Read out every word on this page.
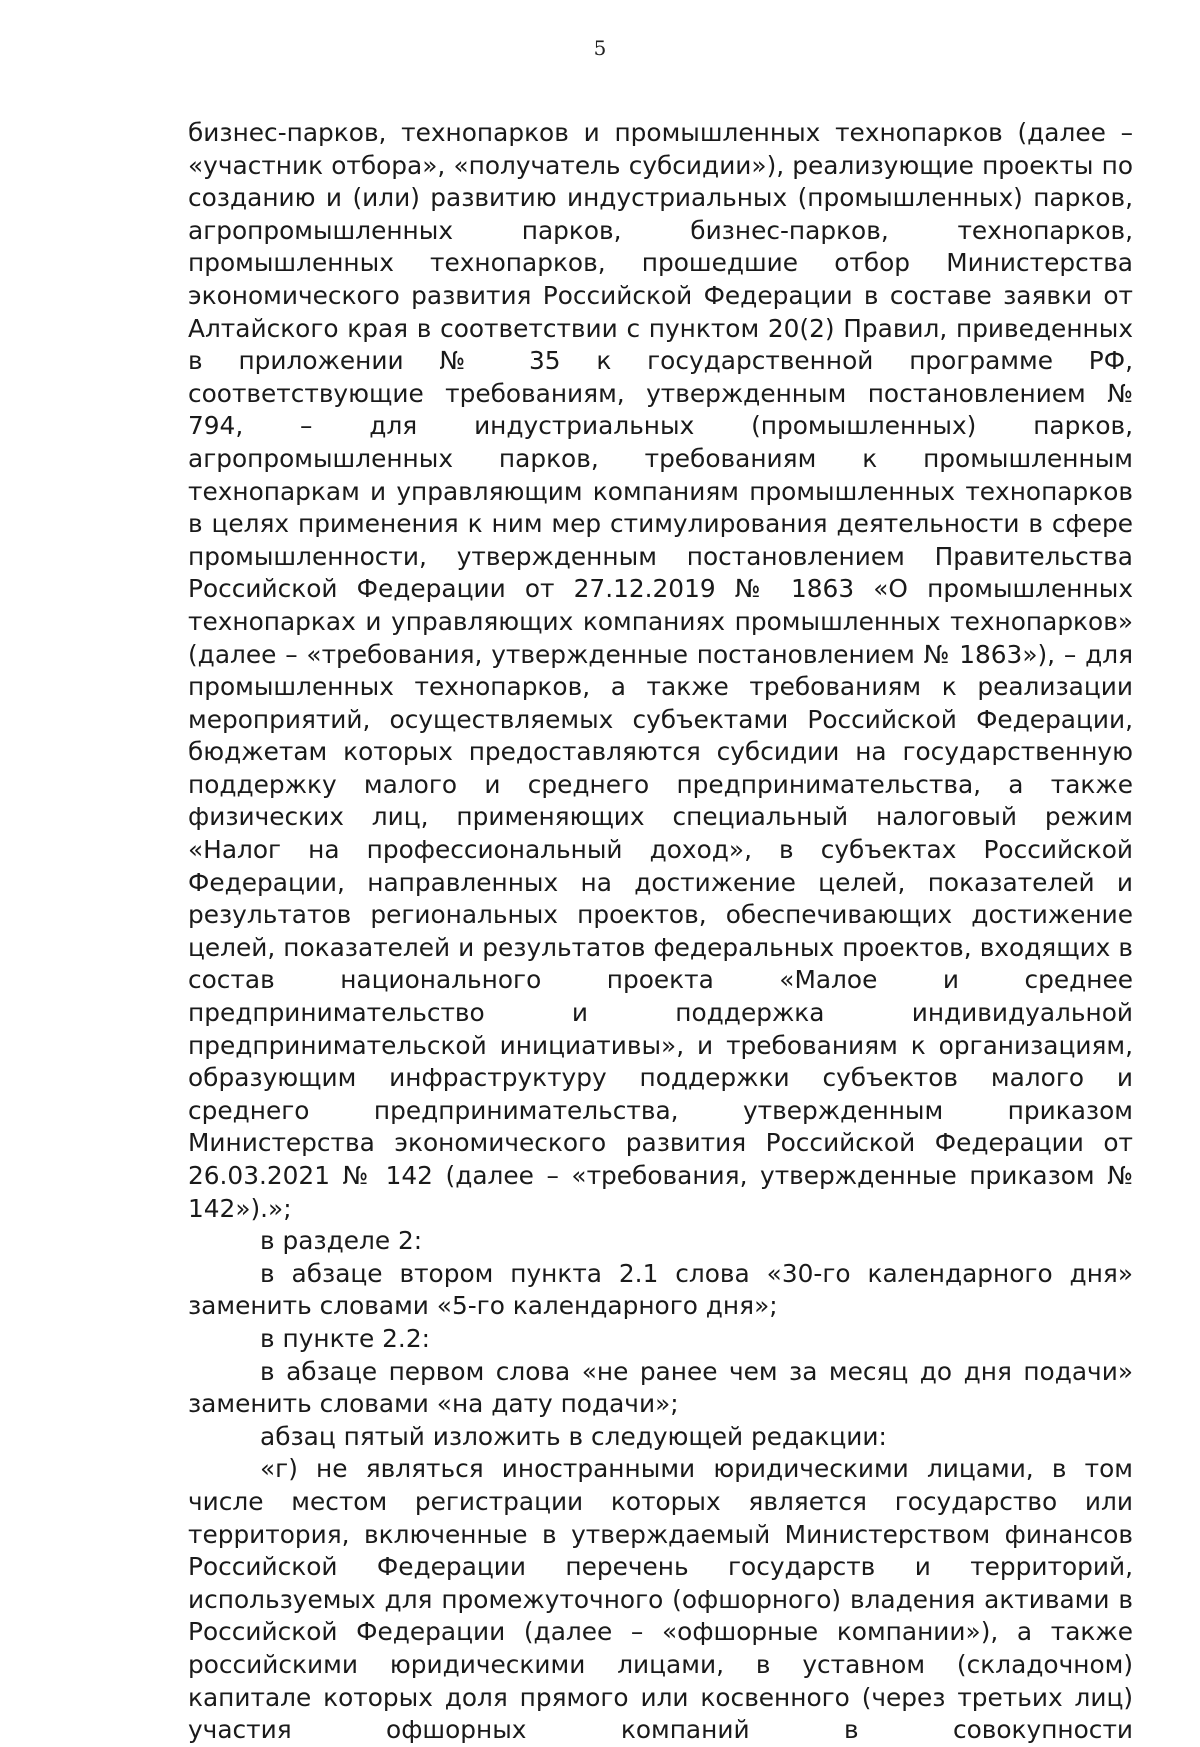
5

бизнес-парков, технопарков и промышленных технопарков (далее – «участник отбора», «получатель субсидии»), реализующие проекты по созданию и (или) развитию индустриальных (промышленных) парков, агропромышленных парков, бизнес-парков, технопарков, промышленных технопарков, прошедшие отбор Министерства экономического развития Российской Федерации в составе заявки от Алтайского края в соответствии с пунктом 20(2) Правил, приведенных в приложении № 35 к государственной программе РФ, соответствующие требованиям, утвержденным постановлением № 794, – для индустриальных (промышленных) парков, агропромышленных парков, требованиям к промышленным технопаркам и управляющим компаниям промышленных технопарков в целях применения к ним мер стимулирования деятельности в сфере промышленности, утвержденным постановлением Правительства Российской Федерации от 27.12.2019 № 1863 «О промышленных технопарках и управляющих компаниях промышленных технопарков» (далее – «требования, утвержденные постановлением № 1863»), – для промышленных технопарков, а также требованиям к реализации мероприятий, осуществляемых субъектами Российской Федерации, бюджетам которых предоставляются субсидии на государственную поддержку малого и среднего предпринимательства, а также физических лиц, применяющих специальный налоговый режим «Налог на профессиональный доход», в субъектах Российской Федерации, направленных на достижение целей, показателей и результатов региональных проектов, обеспечивающих достижение целей, показателей и результатов федеральных проектов, входящих в состав национального проекта «Малое и среднее предпринимательство и поддержка индивидуальной предпринимательской инициативы», и требованиям к организациям, образующим инфраструктуру поддержки субъектов малого и среднего предпринимательства, утвержденным приказом Министерства экономического развития Российской Федерации от 26.03.2021 № 142 (далее – «требования, утвержденные приказом № 142»).»;

в разделе 2:

в абзаце втором пункта 2.1 слова «30-го календарного дня» заменить словами «5-го календарного дня»;

в пункте 2.2:

в абзаце первом слова «не ранее чем за месяц до дня подачи» заменить словами «на дату подачи»;

абзац пятый изложить в следующей редакции:

«г) не являться иностранными юридическими лицами, в том числе местом регистрации которых является государство или территория, включенные в утверждаемый Министерством финансов Российской Федерации перечень государств и территорий, используемых для промежуточного (офшорного) владения активами в Российской Федерации (далее – «офшорные компании»), а также российскими юридическими лицами, в уставном (складочном) капитале которых доля прямого или косвенного (через третьих лиц) участия офшорных компаний в совокупности
